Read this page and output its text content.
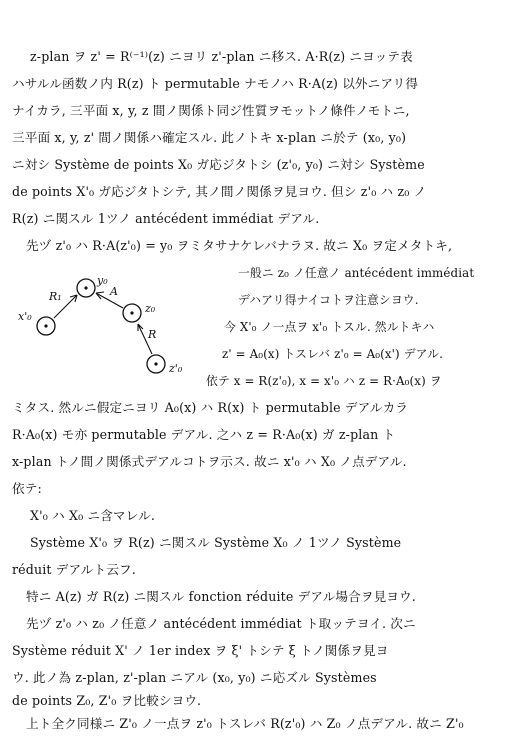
z-plan ヲ z' = R⁽⁻¹⁾(z) ニヨリ z'-plan ニ移ス. A·R(z) ニヨッテ表
ハサルル函数ノ内 R(z) ト permutable ナモノハ R·A(z) 以外ニアリ得
ナイカラ, 三平面 x, y, z 間ノ関係ト同ジ性質ヲモットノ條件ノモトニ,
三平面 x, y, z' 間ノ関係ハ確定スル. 此ノトキ x-plan ニ於テ (x₀, y₀)
ニ対シ Système de points X₀ ガ応ジタトシ (z'₀, y₀) ニ対シ Système
de points X'₀ ガ応ジタトシテ, 其ノ間ノ関係ヲ見ヨウ. 但シ z'₀ ハ z₀ ノ
R(z) ニ関スル 1ツノ antécédent immédiat デアル.
先ヅ z'₀ ハ R·A(z'₀) = y₀ ヲミタサナケレバナラヌ. 故ニ X₀ ヲ定メタトキ,
y₀
x'₀
z₀
z'₀
R₁	A
R
一般ニ z₀ ノ任意ノ antécédent immédiat
デハアリ得ナイコトヲ注意シヨウ.
今 X'₀ ノ一点ヲ x'₀ トスル. 然ルトキハ
z' = A₀(x) トスレバ z'₀ = A₀(x') デアル.
依テ x = R(z'₀), x = x'₀ ハ z = R·A₀(x) ヲ
ミタス. 然ルニ假定ニヨリ A₀(x) ハ R(x) ト permutable デアルカラ
R·A₀(x) モ亦 permutable デアル. 之ハ z = R·A₀(x) ガ z-plan ト
x-plan トノ間ノ関係式デアルコトヲ示ス. 故ニ x'₀ ハ X₀ ノ点デアル.
依テ:
X'₀ ハ X₀ ニ含マレル.
Système X'₀ ヲ R(z) ニ関スル Système X₀ ノ 1ツノ Système
réduit デアルト云フ.
特ニ A(z) ガ R(z) ニ関スル fonction réduite デアル場合ヲ見ヨウ.
先ヅ z'₀ ハ z₀ ノ任意ノ antécédent immédiat ト取ッテヨイ. 次ニ
Système réduit X' ノ 1er index ヲ ξ' トシテ ξ トノ関係ヲ見ヨ
ウ. 此ノ為 z-plan, z'-plan ニアル (x₀, y₀) ニ応ズル Systèmes
de points Z₀, Z'₀ ヲ比較シヨウ.
上ト全ク同様ニ Z'₀ ノ一点ヲ z'₀ トスレバ R(z'₀) ハ Z₀ ノ点デアル. 故ニ Z'₀
